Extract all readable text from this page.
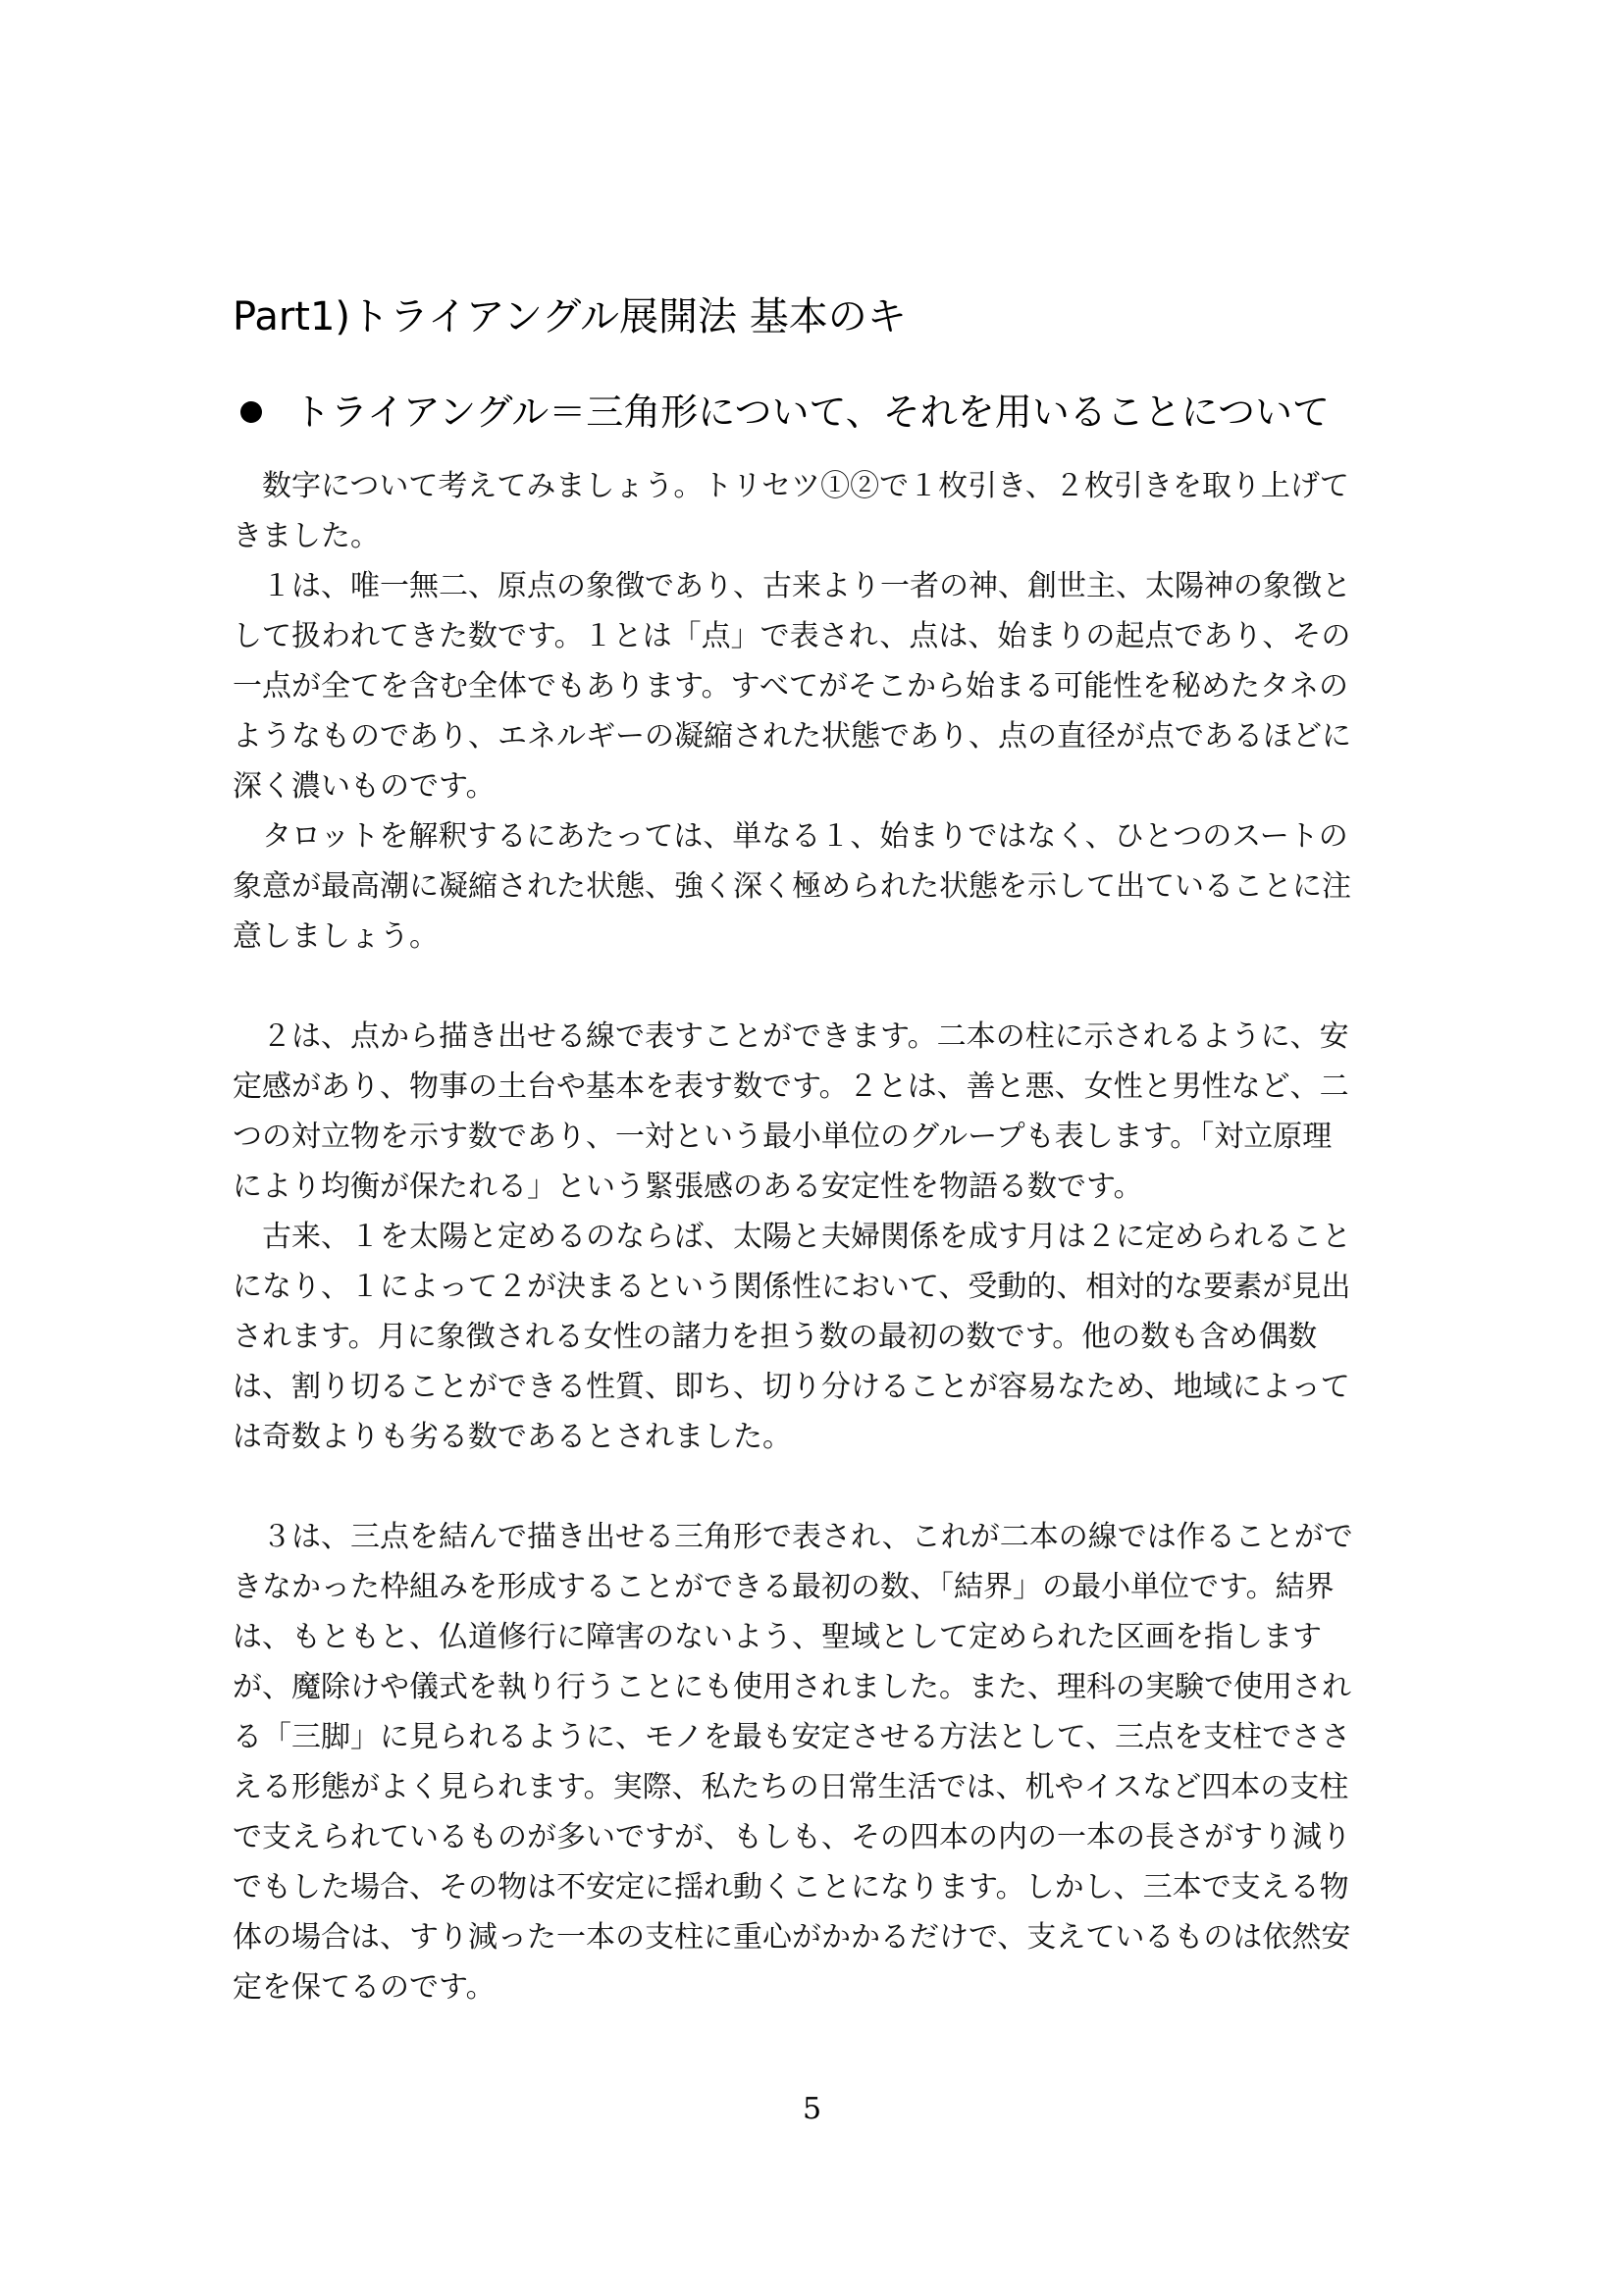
Part1)トライアングル展開法 基本のキ
トライアングル＝三角形について、それを用いることについて
　数字について考えてみましょう。トリセツ①②で１枚引き、２枚引きを取り上げて
きました。
　１は、唯一無二、原点の象徴であり、古来より一者の神、創世主、太陽神の象徴と
して扱われてきた数です。１とは「点」で表され、点は、始まりの起点であり、その
一点が全てを含む全体でもあります。すべてがそこから始まる可能性を秘めたタネの
ようなものであり、エネルギーの凝縮された状態であり、点の直径が点であるほどに
深く濃いものです。
　タロットを解釈するにあたっては、単なる１、始まりではなく、ひとつのスートの
象意が最高潮に凝縮された状態、強く深く極められた状態を示して出ていることに注
意しましょう。
　２は、点から描き出せる線で表すことができます。二本の柱に示されるように、安
定感があり、物事の土台や基本を表す数です。２とは、善と悪、女性と男性など、二
つの対立物を示す数であり、一対という最小単位のグループも表します。「対立原理
により均衡が保たれる」という緊張感のある安定性を物語る数です。
　古来、１を太陽と定めるのならば、太陽と夫婦関係を成す月は２に定められること
になり、１によって２が決まるという関係性において、受動的、相対的な要素が見出
されます。月に象徴される女性の諸力を担う数の最初の数です。他の数も含め偶数
は、割り切ることができる性質、即ち、切り分けることが容易なため、地域によって
は奇数よりも劣る数であるとされました。
　３は、三点を結んで描き出せる三角形で表され、これが二本の線では作ることがで
きなかった枠組みを形成することができる最初の数、「結界」の最小単位です。結界
は、もともと、仏道修行に障害のないよう、聖域として定められた区画を指します
が、魔除けや儀式を執り行うことにも使用されました。また、理科の実験で使用され
る「三脚」に見られるように、モノを最も安定させる方法として、三点を支柱でささ
える形態がよく見られます。実際、私たちの日常生活では、机やイスなど四本の支柱
で支えられているものが多いですが、もしも、その四本の内の一本の長さがすり減り
でもした場合、その物は不安定に揺れ動くことになります。しかし、三本で支える物
体の場合は、すり減った一本の支柱に重心がかかるだけで、支えているものは依然安
定を保てるのです。
5
